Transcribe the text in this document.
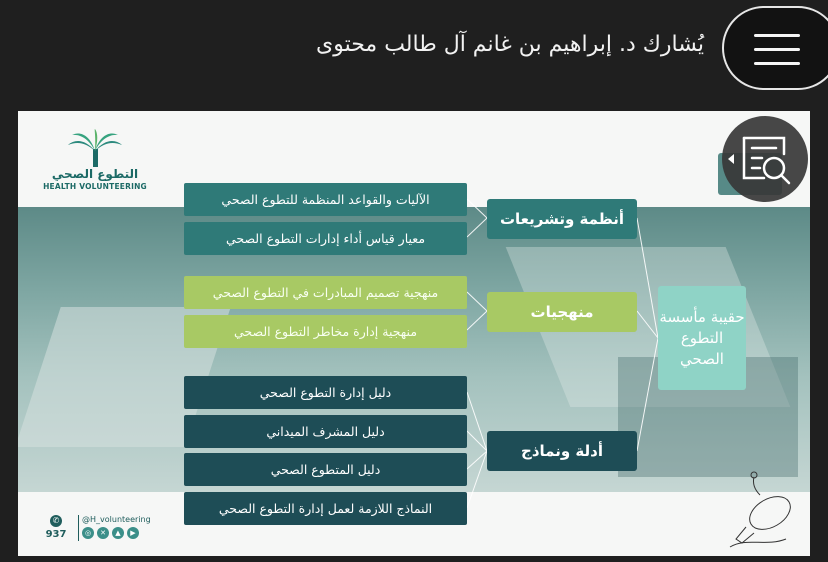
يُشارك د. إبراهيم بن غانم آل طالب محتوى
التطوع الصحي
HEALTH VOLUNTEERING
الآليات والقواعد المنظمة للتطوع الصحي
معيار قياس أداء إدارات التطوع الصحي
منهجية تصميم المبادرات في التطوع الصحي
منهجية إدارة مخاطر التطوع الصحي
دليل إدارة التطوع الصحي
دليل المشرف الميداني
دليل المتطوع الصحي
النماذج اللازمة لعمل إدارة التطوع الصحي
أنظمة وتشريعات
منهجيات
أدلة ونماذج
حقيبة مأسسة التطوع الصحي
✆
937
@H_volunteering
◎	✕	▲	▶
